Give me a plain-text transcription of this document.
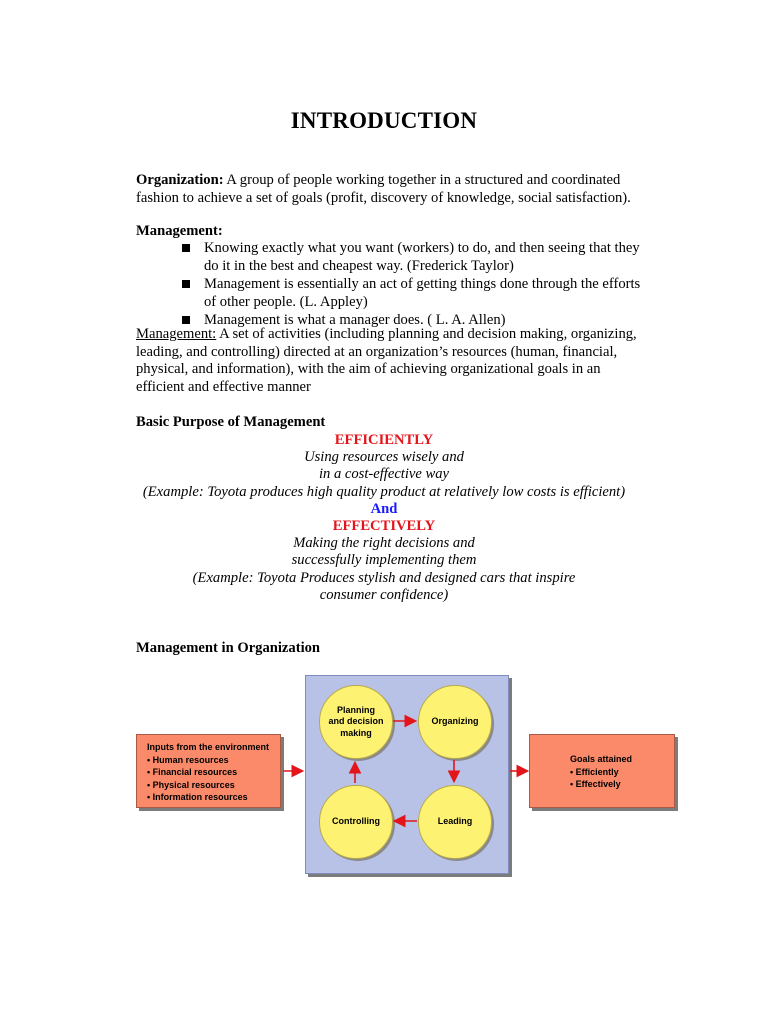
INTRODUCTION
Organization: A group of people working together in a structured and coordinated
fashion to achieve a set of goals (profit, discovery of knowledge, social satisfaction).
Management:
Knowing exactly what you want (workers) to do, and then seeing that they
do it in the best and cheapest way. (Frederick Taylor)
Management is essentially an act of getting things done through the efforts
of other people. (L. Appley)
Management is what a manager does. ( L. A. Allen)
Management: A set of activities (including planning and decision making, organizing,
leading, and controlling) directed at an organization’s resources (human, financial,
physical, and information), with the aim of achieving organizational goals in an
efficient and effective manner
Basic Purpose of Management
EFFICIENTLY
Using resources wisely and
in a cost-effective way
(Example: Toyota produces high quality product at relatively low costs is efficient)
And
EFFECTIVELY
Making the right decisions and
successfully implementing them
(Example: Toyota Produces stylish and designed cars that inspire
consumer confidence)
Management in Organization
Inputs from the environment
• Human resources
• Financial resources
• Physical resources
• Information resources
Goals attained
• Efficiently
• Effectively
Planning
and decision
making
Organizing
Controlling	Leading
